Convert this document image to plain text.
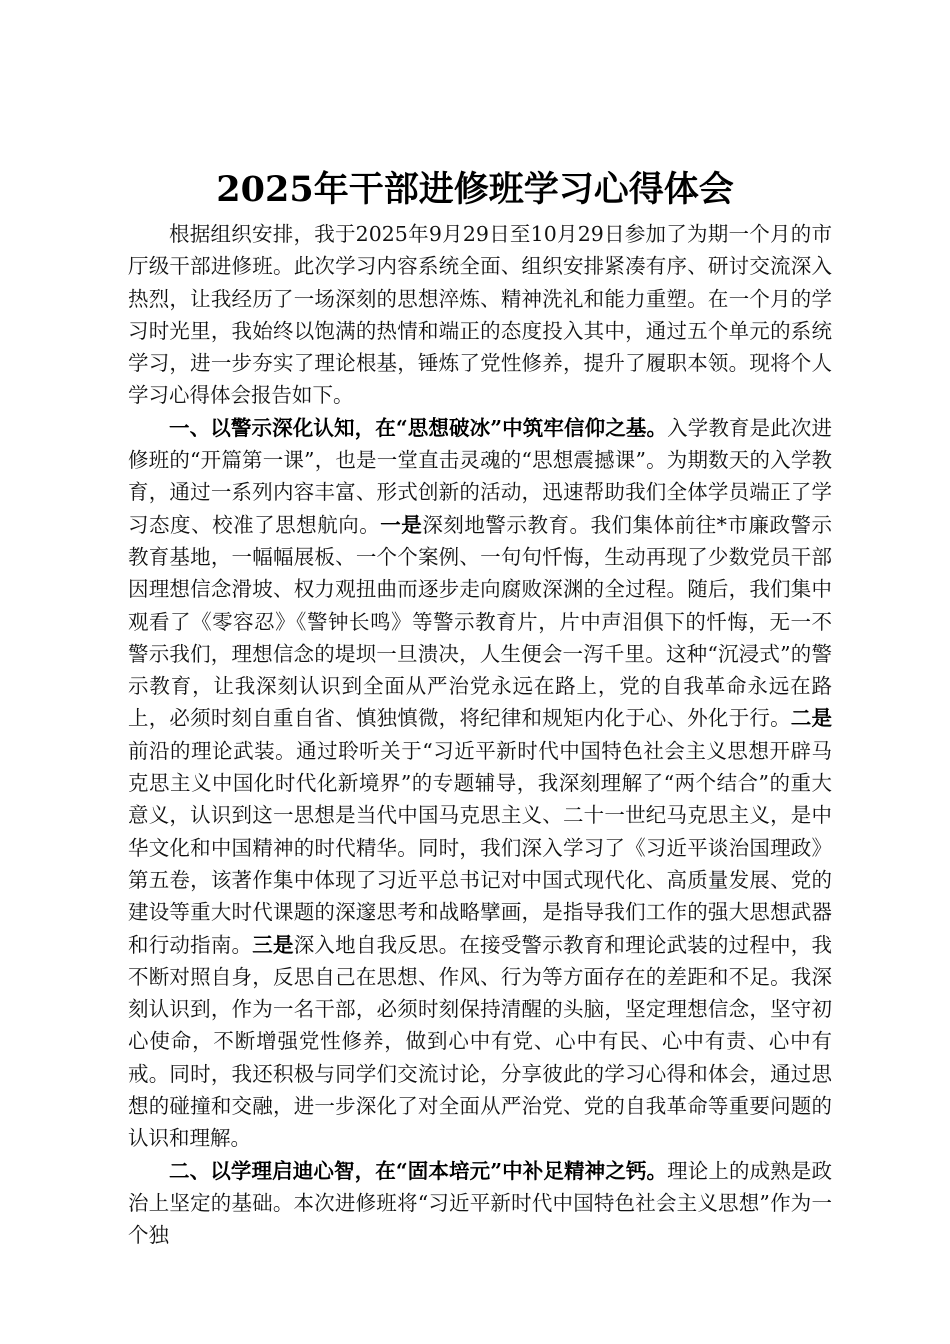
2025年干部进修班学习心得体会

根据组织安排，我于2025年9月29日至10月29日参加了为期一个月的市厅级干部进修班。此次学习内容系统全面、组织安排紧凑有序、研讨交流深入热烈，让我经历了一场深刻的思想淬炼、精神洗礼和能力重塑。在一个月的学习时光里，我始终以饱满的热情和端正的态度投入其中，通过五个单元的系统学习，进一步夯实了理论根基，锤炼了党性修养，提升了履职本领。现将个人学习心得体会报告如下。

一、以警示深化认知，在“思想破冰”中筑牢信仰之基。入学教育是此次进修班的“开篇第一课”，也是一堂直击灵魂的“思想震撼课”。为期数天的入学教育，通过一系列内容丰富、形式创新的活动，迅速帮助我们全体学员端正了学习态度、校准了思想航向。一是深刻地警示教育。我们集体前往*市廉政警示教育基地，一幅幅展板、一个个案例、一句句忏悔，生动再现了少数党员干部因理想信念滑坡、权力观扭曲而逐步走向腐败深渊的全过程。随后，我们集中观看了《零容忍》《警钟长鸣》等警示教育片，片中声泪俱下的忏悔，无一不警示我们，理想信念的堤坝一旦溃决，人生便会一泻千里。这种“沉浸式”的警示教育，让我深刻认识到全面从严治党永远在路上，党的自我革命永远在路上，必须时刻自重自省、慎独慎微，将纪律和规矩内化于心、外化于行。二是前沿的理论武装。通过聆听关于“习近平新时代中国特色社会主义思想开辟马克思主义中国化时代化新境界”的专题辅导，我深刻理解了“两个结合”的重大意义，认识到这一思想是当代中国马克思主义、二十一世纪马克思主义，是中华文化和中国精神的时代精华。同时，我们深入学习了《习近平谈治国理政》第五卷，该著作集中体现了习近平总书记对中国式现代化、高质量发展、党的建设等重大时代课题的深邃思考和战略擘画，是指导我们工作的强大思想武器和行动指南。三是深入地自我反思。在接受警示教育和理论武装的过程中，我不断对照自身，反思自己在思想、作风、行为等方面存在的差距和不足。我深刻认识到，作为一名干部，必须时刻保持清醒的头脑，坚定理想信念，坚守初心使命，不断增强党性修养，做到心中有党、心中有民、心中有责、心中有戒。同时，我还积极与同学们交流讨论，分享彼此的学习心得和体会，通过思想的碰撞和交融，进一步深化了对全面从严治党、党的自我革命等重要问题的认识和理解。

二、以学理启迪心智，在“固本培元”中补足精神之钙。理论上的成熟是政治上坚定的基础。本次进修班将“习近平新时代中国特色社会主义思想”作为一个独
